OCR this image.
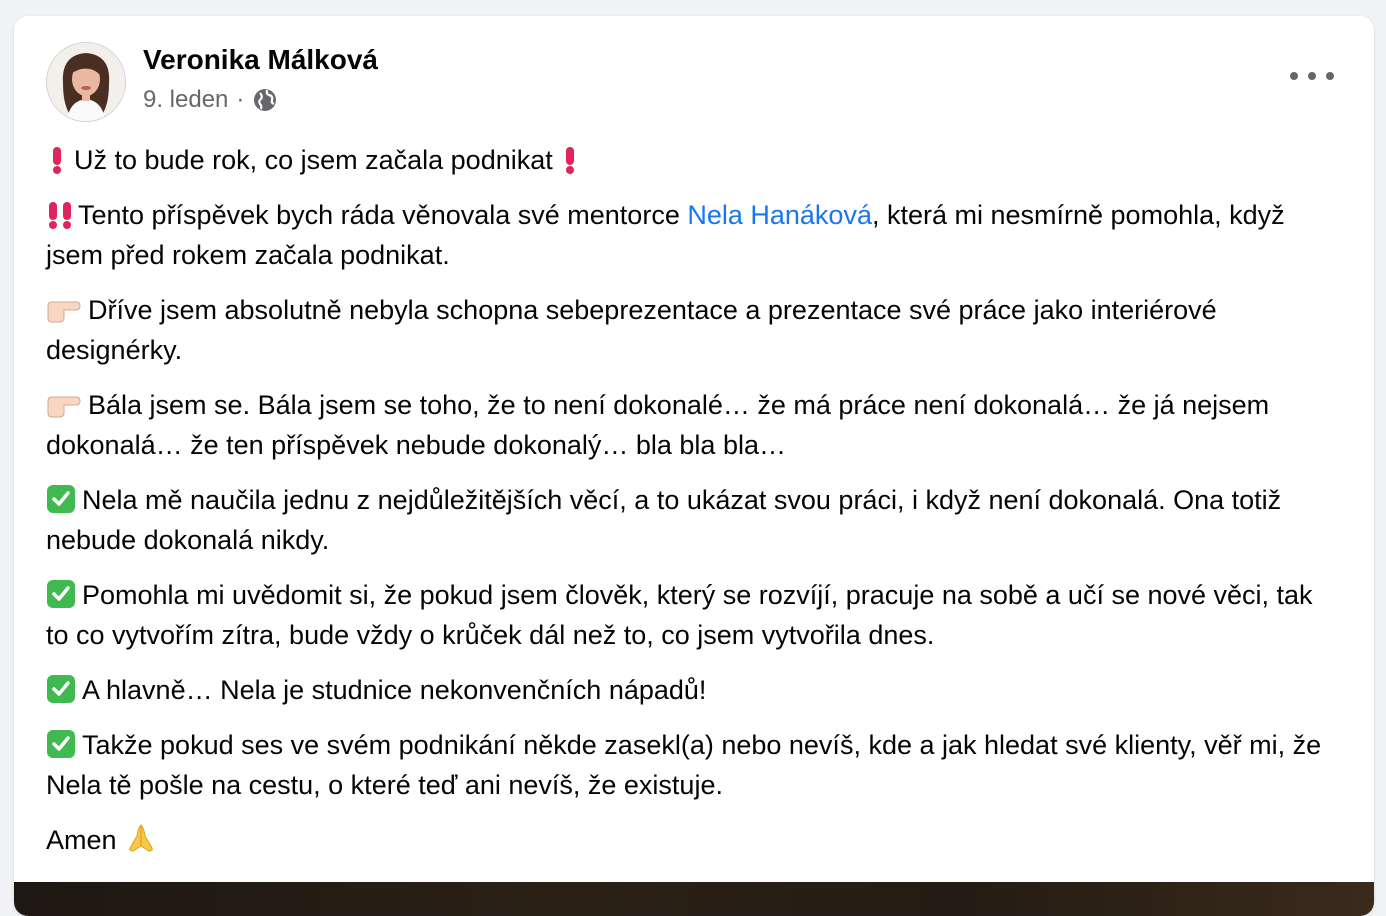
Veronika Málková
9. leden ·

Už to bude rok, co jsem začala podnikat

Tento příspěvek bych ráda věnovala své mentorce Nela Hanáková, která mi nesmírně pomohla, když jsem před rokem začala podnikat.

Dříve jsem absolutně nebyla schopna sebeprezentace a prezentace své práce jako interiérové designérky.

Bála jsem se. Bála jsem se toho, že to není dokonalé… že má práce není dokonalá… že já nejsem dokonalá… že ten příspěvek nebude dokonalý… bla bla bla…

Nela mě naučila jednu z nejdůležitějších věcí, a to ukázat svou práci, i když není dokonalá. Ona totiž nebude dokonalá nikdy.

Pomohla mi uvědomit si, že pokud jsem člověk, který se rozvíjí, pracuje na sobě a učí se nové věci, tak to co vytvořím zítra, bude vždy o krůček dál než to, co jsem vytvořila dnes.

A hlavně… Nela je studnice nekonvenčních nápadů!

Takže pokud ses ve svém podnikání někde zasekl(a) nebo nevíš, kde a jak hledat své klienty, věř mi, že Nela tě pošle na cestu, o které teď ani nevíš, že existuje.

Amen
